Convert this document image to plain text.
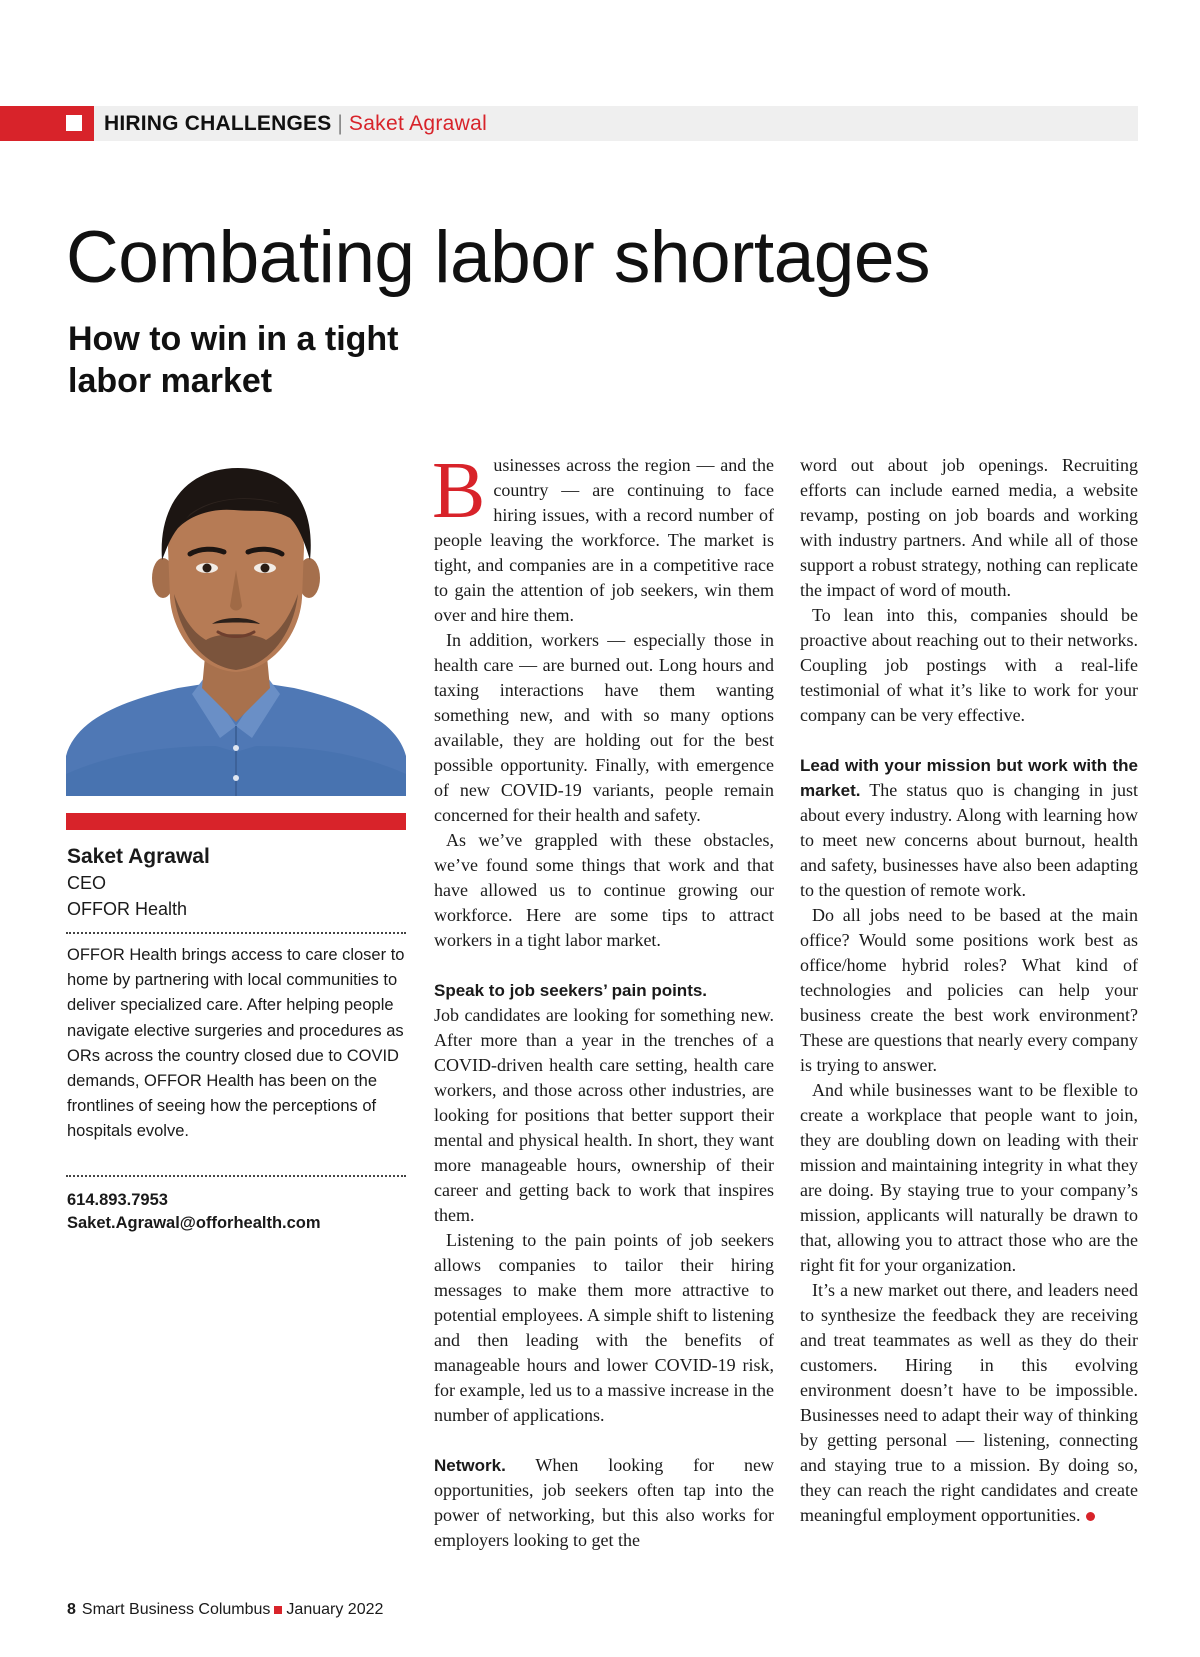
HIRING CHALLENGES | Saket Agrawal
Combating labor shortages
How to win in a tight labor market
Saket Agrawal
CEO
OFFOR Health

OFFOR Health brings access to care closer to home by partnering with local communities to deliver specialized care. After helping people navigate elective surgeries and procedures as ORs across the country closed due to COVID demands, OFFOR Health has been on the frontlines of seeing how the perceptions of hospitals evolve.

614.893.7953
Saket.Agrawal@offorhealth.com

Businesses across the region — and the country — are continuing to face hiring issues, with a record number of people leaving the workforce. The market is tight, and companies are in a competitive race to gain the attention of job seekers, win them over and hire them.

In addition, workers — especially those in health care — are burned out. Long hours and taxing interactions have them wanting something new, and with so many options available, they are holding out for the best possible opportunity. Finally, with emergence of new COVID-19 variants, people remain concerned for their health and safety.

As we’ve grappled with these obstacles, we’ve found some things that work and that have allowed us to continue growing our workforce. Here are some tips to attract workers in a tight labor market.

Speak to job seekers’ pain points.
Job candidates are looking for something new. After more than a year in the trenches of a COVID-driven health care setting, health care workers, and those across other industries, are looking for positions that better support their mental and physical health. In short, they want more manageable hours, ownership of their career and getting back to work that inspires them.

Listening to the pain points of job seekers allows companies to tailor their hiring messages to make them more attractive to potential employees. A simple shift to listening and then leading with the benefits of manageable hours and lower COVID-19 risk, for example, led us to a massive increase in the number of applications.

Network. When looking for new opportunities, job seekers often tap into the power of networking, but this also works for employers looking to get the

word out about job openings. Recruiting efforts can include earned media, a website revamp, posting on job boards and working with industry partners. And while all of those support a robust strategy, nothing can replicate the impact of word of mouth.

To lean into this, companies should be proactive about reaching out to their networks. Coupling job postings with a real-life testimonial of what it’s like to work for your company can be very effective.

Lead with your mission but work with the market. The status quo is changing in just about every industry. Along with learning how to meet new concerns about burnout, health and safety, businesses have also been adapting to the question of remote work.

Do all jobs need to be based at the main office? Would some positions work best as office/home hybrid roles? What kind of technologies and policies can help your business create the best work environment? These are questions that nearly every company is trying to answer.

And while businesses want to be flexible to create a workplace that people want to join, they are doubling down on leading with their mission and maintaining integrity in what they are doing. By staying true to your company’s mission, applicants will naturally be drawn to that, allowing you to attract those who are the right fit for your organization.

It’s a new market out there, and leaders need to synthesize the feedback they are receiving and treat teammates as well as they do their customers. Hiring in this evolving environment doesn’t have to be impossible. Businesses need to adapt their way of thinking by getting personal — listening, connecting and staying true to a mission. By doing so, they can reach the right candidates and create meaningful employment opportunities.

8 Smart Business Columbus January 2022
